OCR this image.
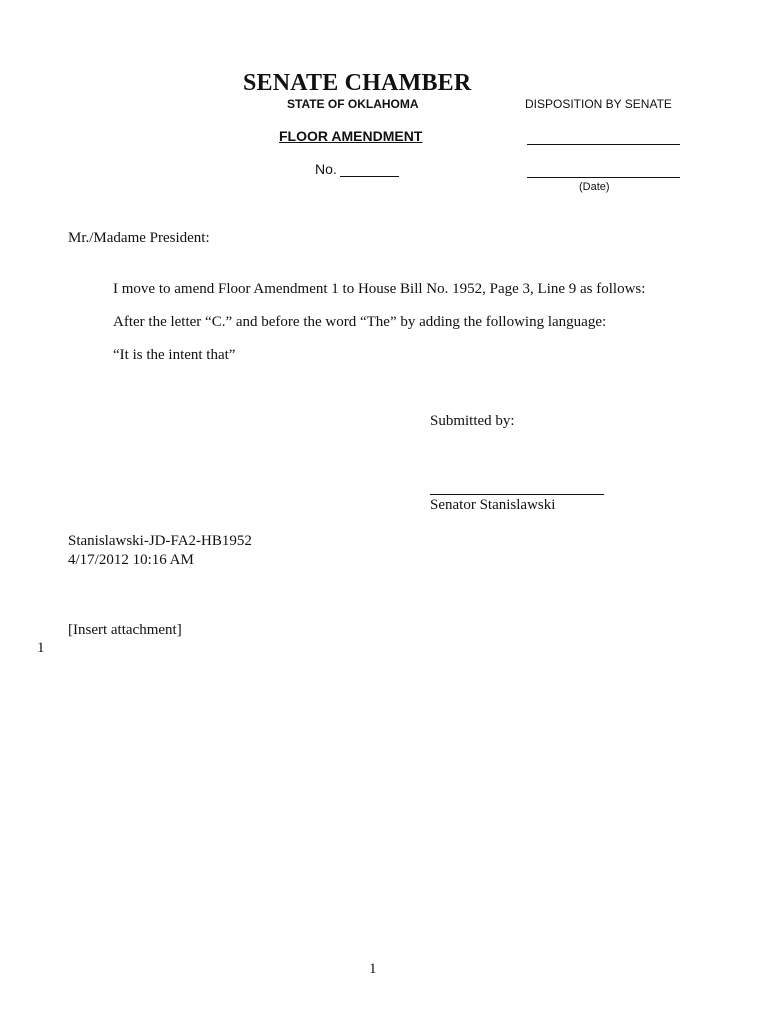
SENATE CHAMBER
STATE OF OKLAHOMA	DISPOSITION BY SENATE
FLOOR AMENDMENT
No.
(Date)
Mr./Madame President:
I move to amend Floor Amendment 1 to House Bill No. 1952, Page 3, Line 9 as follows:
After the letter “C.” and before the word “The” by adding the following language:
“It is the intent that”
Submitted by:
Senator Stanislawski
Stanislawski-JD-FA2-HB1952
4/17/2012 10:16 AM
[Insert attachment]
1
1
